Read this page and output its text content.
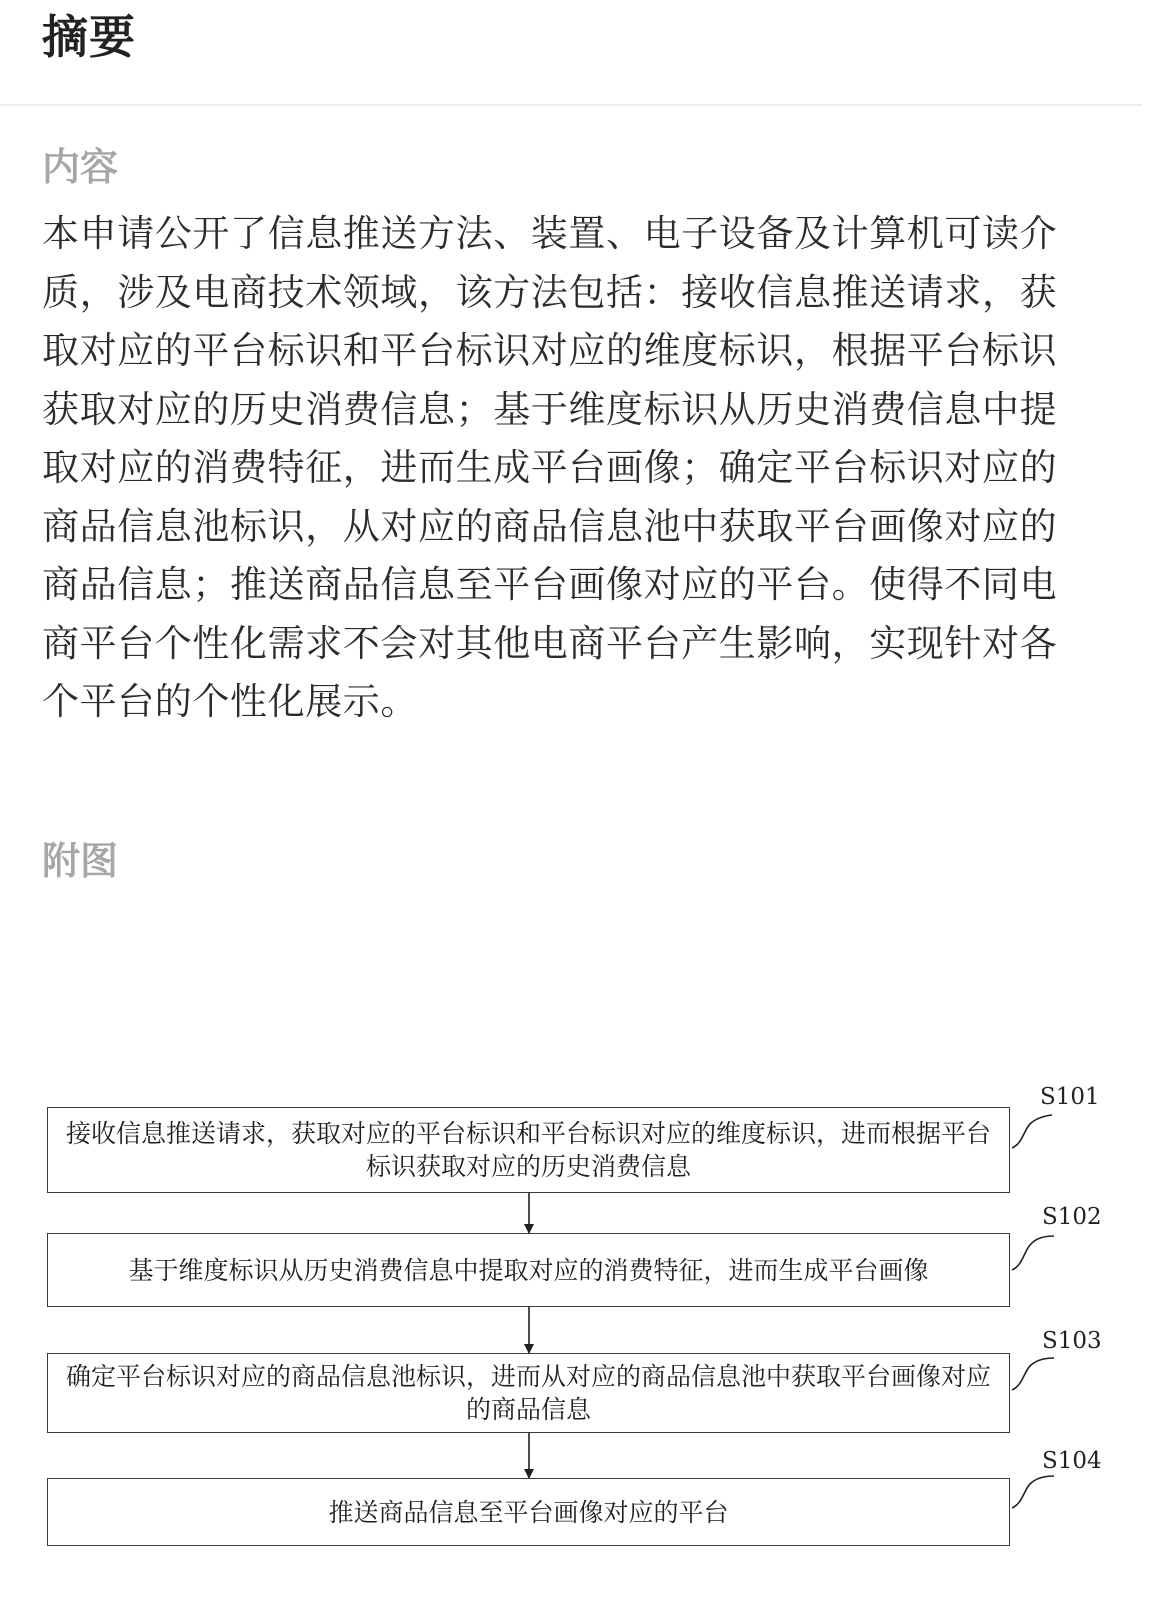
摘要
内容

本申请公开了信息推送方法、装置、电子设备及计算机可读介质，涉及电商技术领域，该方法包括：接收信息推送请求，获取对应的平台标识和平台标识对应的维度标识，根据平台标识获取对应的历史消费信息；基于维度标识从历史消费信息中提取对应的消费特征，进而生成平台画像；确定平台标识对应的商品信息池标识，从对应的商品信息池中获取平台画像对应的商品信息；推送商品信息至平台画像对应的平台。使得不同电商平台个性化需求不会对其他电商平台产生影响，实现针对各个平台的个性化展示。

附图
接收信息推送请求，获取对应的平台标识和平台标识对应的维度标识，进而根据平台标识获取对应的历史消费信息
S101
基于维度标识从历史消费信息中提取对应的消费特征，进而生成平台画像
S102
确定平台标识对应的商品信息池标识，进而从对应的商品信息池中获取平台画像对应的商品信息
S103
推送商品信息至平台画像对应的平台
S104
